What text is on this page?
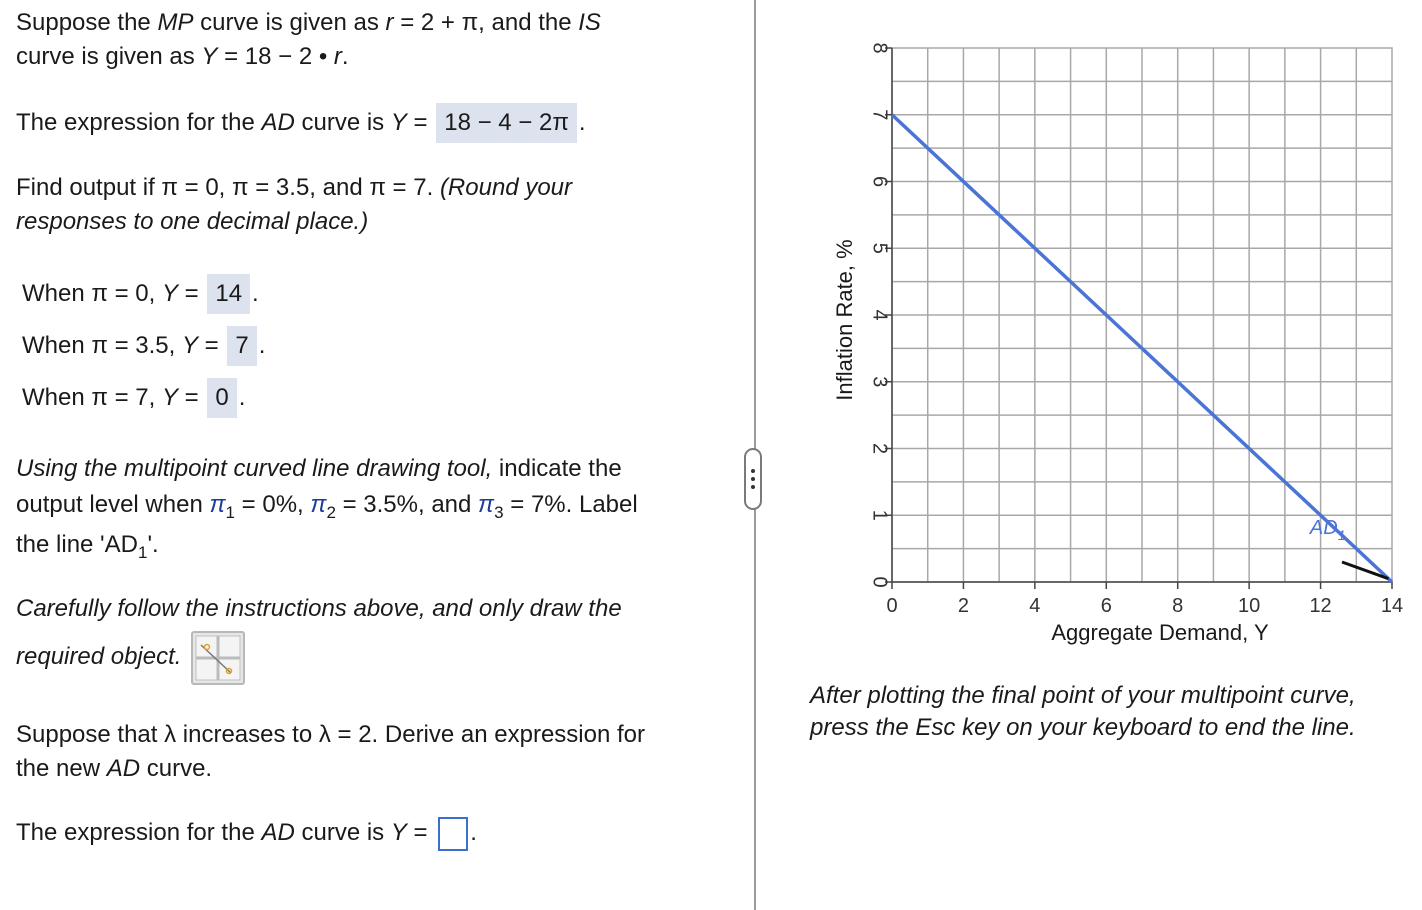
Suppose the MP curve is given as r = 2 + π, and the IS

curve is given as Y = 18 − 2 • r.

The expression for the AD curve is Y = 18 − 4 − 2π .

Find output if π = 0, π = 3.5, and π = 7. (Round your

responses to one decimal place.)

When π = 0, Y = 14 .

When π = 3.5, Y = 7 .

When π = 7, Y = 0 .

Using the multipoint curved line drawing tool, indicate the

output level when $\pi_1 = 0\%$, $\pi_2 = 3.5\%$, and $\pi_3 = 7\%$. Label

the line '$AD_1$'.

Carefully follow the instructions above, and only draw the

required object.

Suppose that λ increases to λ = 2. Derive an expression for

the new AD curve.

The expression for the AD curve is Y = .

0	2	4	6	8	10 12 14
0
1
2
3
4
5
6
7
8
$AD_1$
Inflation Rate, %
Aggregate Demand, Y

After plotting the final point of your multipoint curve,
press the Esc key on your keyboard to end the line.
